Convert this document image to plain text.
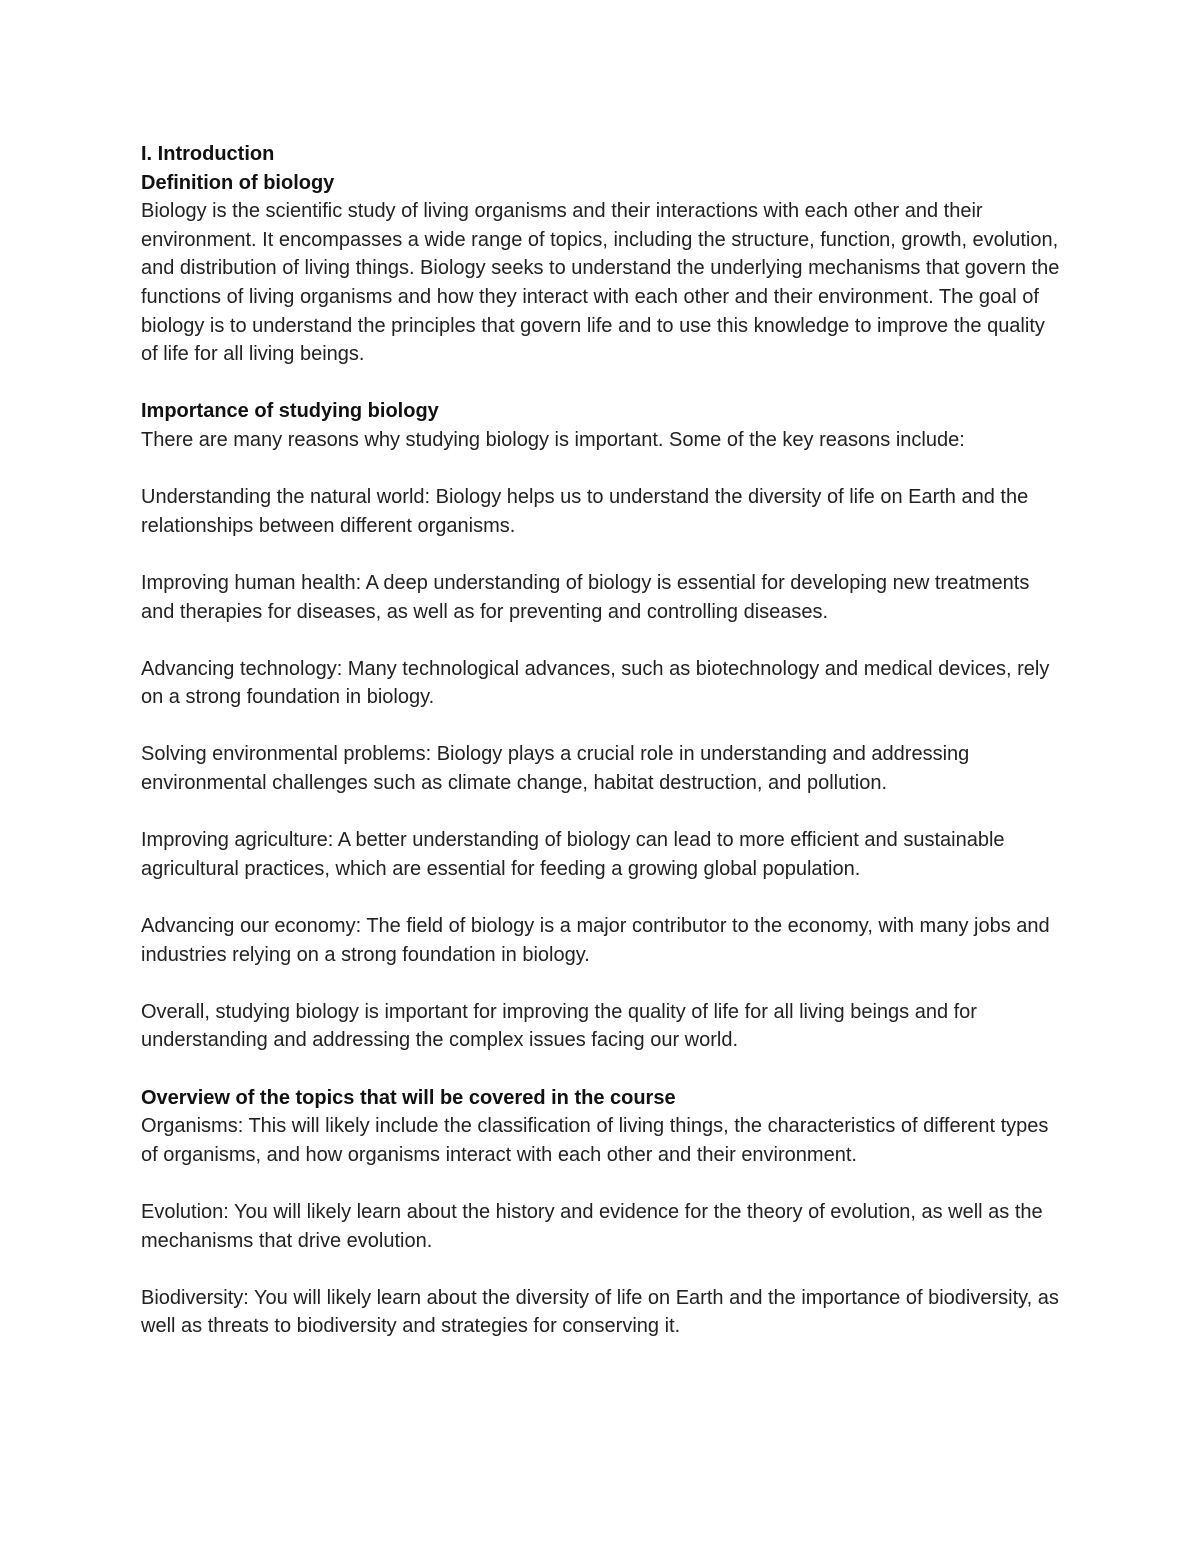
I. Introduction

Definition of biology

Biology is the scientific study of living organisms and their interactions with each other and their environment. It encompasses a wide range of topics, including the structure, function, growth, evolution, and distribution of living things. Biology seeks to understand the underlying mechanisms that govern the functions of living organisms and how they interact with each other and their environment. The goal of biology is to understand the principles that govern life and to use this knowledge to improve the quality of life for all living beings.

Importance of studying biology

There are many reasons why studying biology is important. Some of the key reasons include:

Understanding the natural world: Biology helps us to understand the diversity of life on Earth and the relationships between different organisms.

Improving human health: A deep understanding of biology is essential for developing new treatments and therapies for diseases, as well as for preventing and controlling diseases.

Advancing technology: Many technological advances, such as biotechnology and medical devices, rely on a strong foundation in biology.

Solving environmental problems: Biology plays a crucial role in understanding and addressing environmental challenges such as climate change, habitat destruction, and pollution.

Improving agriculture: A better understanding of biology can lead to more efficient and sustainable agricultural practices, which are essential for feeding a growing global population.

Advancing our economy: The field of biology is a major contributor to the economy, with many jobs and industries relying on a strong foundation in biology.

Overall, studying biology is important for improving the quality of life for all living beings and for understanding and addressing the complex issues facing our world.

Overview of the topics that will be covered in the course

Organisms: This will likely include the classification of living things, the characteristics of different types of organisms, and how organisms interact with each other and their environment.

Evolution: You will likely learn about the history and evidence for the theory of evolution, as well as the mechanisms that drive evolution.

Biodiversity: You will likely learn about the diversity of life on Earth and the importance of biodiversity, as well as threats to biodiversity and strategies for conserving it.
